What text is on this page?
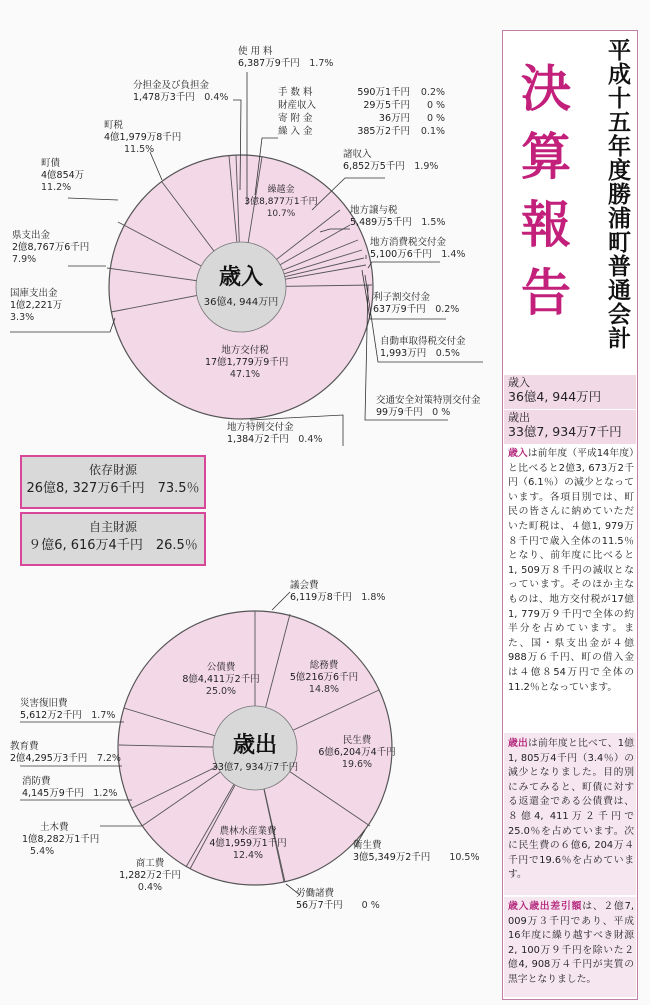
平成十五年度勝浦町普通会計
決算報告
歳入
36億4, 944万円
歳出
33億7, 934万7千円
歳入は前年度（平成14年度）と比べると2億3, 673万2千円（6.1％）の減少となっています。各項目別では、町民の皆さんに納めていただいた町税は、４億1, 979万８千円で歳入全体の11.5％となり、前年度に比べると1, 509万８千円の減収となっています。そのほか主なものは、地方交付税が17億1, 779万９千円で全体の約半分を占めています。また、国・県支出金が４億988万６千円、町の借入金は４億８54万円で全体の11.2％となっています。
歳出は前年度と比べて、1億1, 805万4千円（3.4％）の減少となりました。目的別にみてみると、町債に対する返還金である公債費は、８億4, 411万２千円で25.0％を占めています。次に民生費の６億6, 204万４千円で19.6％を占めています。
歳入歳出差引額は、２億7, 009万３千円であり、平成16年度に繰り越すべき財源2, 100万９千円を除いた２億4, 908万４千円が実質の黒字となりました。
地方交付税
17億1,779万9千円
47.1%
地方特例交付金
1,384万2千円　 0.4%
交通安全対策特別交付金
99万9千円　 0 %
自動車取得税交付金
1,993万円　 0.5%
利子割交付金
637万9千円　 0.2%
地方消費税交付金
5,100万6千円　 1.4%
地方譲与税
5,489万5千円　 1.5%
諸収入
6,852万5千円　 1.9%
繰越金
3億8,877万1千円
10.7%
手 数 料	590万1千円 0.2%
財産収入	29万5千円 0 %
寄 附 金	36万円 0 %
繰 入 金	385万2千円 0.1%
使 用 料
6,387万9千円　 1.7%
分担金及び負担金
1,478万3千円　 0.4%
町税
4億1,979万8千円
11.5%
町債
4億854万
11.2%
県支出金
2億8,767万6千円
7.9%
国庫支出金
1億2,221万
3.3%
歳入
36億4, 944万円
依存財源
26億8, 327万6千円　73.5％
自主財源
９億6, 616万4千円　26.5％
議会費
6,119万8千円　 1.8%
総務費
5億216万6千円
14.8%
民生費
6億6,204万4千円
19.6%
衛生費
3億5,349万2千円　　 10.5%
労働諸費
56万7千円　　 0 %
農林水産業費
4億1,959万1千円
12.4%
商工費
1,282万2千円
0.4%
土木費
1億8,282万1千円
5.4%
消防費
4,145万9千円　 1.2%
教育費
2億4,295万3千円　 7.2%
災害復旧費
5,612万2千円　 1.7%
公債費
8億4,411万2千円
25.0%
歳出
33億7, 934万7千円
